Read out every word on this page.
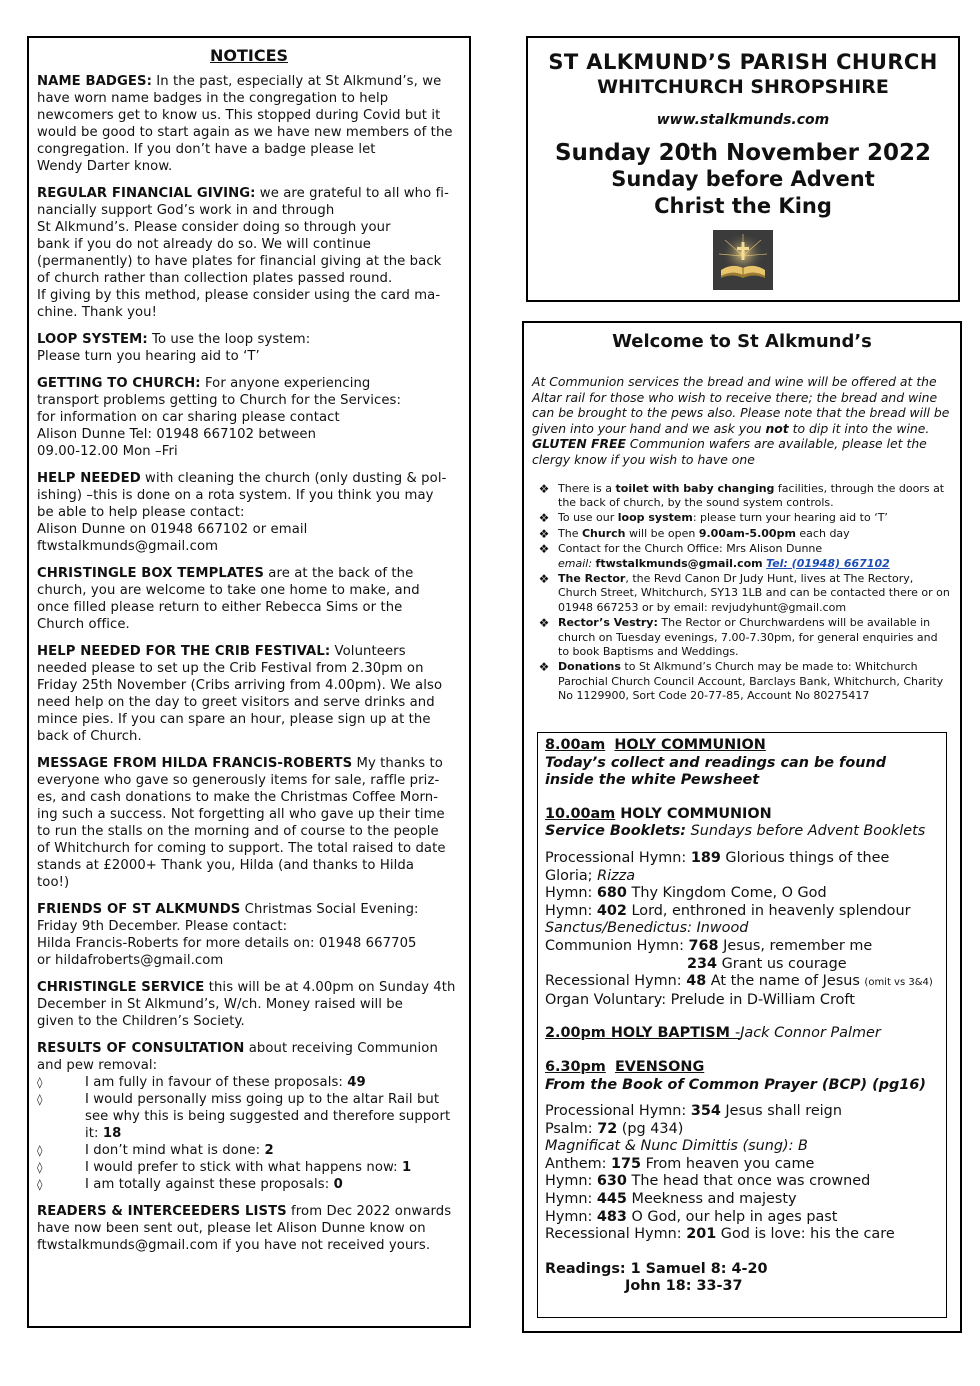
NOTICES
NAME BADGES: In the past, especially at St Alkmund’s, we
have worn name badges in the congregation to help
newcomers get to know us. This stopped during Covid but it
would be good to start again as we have new members of the
congregation. If you don’t have a badge please let
Wendy Darter know.
REGULAR FINANCIAL GIVING: we are grateful to all who fi-
nancially support God’s work in and through
St Alkmund’s. Please consider doing so through your
bank if you do not already do so. We will continue
(permanently) to have plates for financial giving at the back
of church rather than collection plates passed round.
If giving by this method, please consider using the card ma-
chine. Thank you!
LOOP SYSTEM: To use the loop system:
Please turn you hearing aid to ‘T’
GETTING TO CHURCH: For anyone experiencing
transport problems getting to Church for the Services:
for information on car sharing please contact
Alison Dunne Tel: 01948 667102 between
09.00-12.00 Mon –Fri
HELP NEEDED with cleaning the church (only dusting & pol-
ishing) –this is done on a rota system. If you think you may
be able to help please contact:
Alison Dunne on 01948 667102 or email
ftwstalkmunds@gmail.com
CHRISTINGLE BOX TEMPLATES are at the back of the
church, you are welcome to take one home to make, and
once filled please return to either Rebecca Sims or the
Church office.
HELP NEEDED FOR THE CRIB FESTIVAL: Volunteers
needed please to set up the Crib Festival from 2.30pm on
Friday 25th November (Cribs arriving from 4.00pm). We also
need help on the day to greet visitors and serve drinks and
mince pies. If you can spare an hour, please sign up at the
back of Church.
MESSAGE FROM HILDA FRANCIS-ROBERTS My thanks to
everyone who gave so generously items for sale, raffle priz-
es, and cash donations to make the Christmas Coffee Morn-
ing such a success. Not forgetting all who gave up their time
to run the stalls on the morning and of course to the people
of Whitchurch for coming to support. The total raised to date
stands at £2000+ Thank you, Hilda (and thanks to Hilda
too!)
FRIENDS OF ST ALKMUNDS Christmas Social Evening:
Friday 9th December. Please contact:
Hilda Francis-Roberts for more details on: 01948 667705
or hildafroberts@gmail.com
CHRISTINGLE SERVICE this will be at 4.00pm on Sunday 4th
December in St Alkmund’s, W/ch. Money raised will be
given to the Children’s Society.
RESULTS OF CONSULTATION about receiving Communion
and pew removal:
◊	I am fully in favour of these proposals: 49
◊	I would personally miss going up to the altar Rail but see why this is being suggested and therefore support it: 18
◊	I don’t mind what is done: 2
◊	I would prefer to stick with what happens now: 1
◊	I am totally against these proposals: 0
READERS & INTERCEEDERS LISTS from Dec 2022 onwards
have now been sent out, please let Alison Dunne know on
ftwstalkmunds@gmail.com if you have not received yours.
ST ALKMUND’S PARISH CHURCH
WHITCHURCH SHROPSHIRE
www.stalkmunds.com
Sunday 20th November 2022
Sunday before Advent
Christ the King
Welcome to St Alkmund’s
At Communion services the bread and wine will be offered at the Altar rail for those who wish to receive there; the bread and wine can be brought to the pews also. Please note that the bread will be given into your hand and we ask you not to dip it into the wine. GLUTEN FREE Communion wafers are available, please let the clergy know if you wish to have one
❖ There is a toilet with baby changing facilities, through the doors at the back of church, by the sound system controls.
❖ To use our loop system: please turn your hearing aid to ‘T’
❖ The Church will be open 9.00am-5.00pm each day
❖ Contact for the Church Office: Mrs Alison Dunne
email: ftwstalkmunds@gmail.com Tel: (01948) 667102
❖ The Rector, the Revd Canon Dr Judy Hunt, lives at The Rectory, Church Street, Whitchurch, SY13 1LB and can be contacted there or on 01948 667253 or by email: revjudyhunt@gmail.com
❖ Rector’s Vestry: The Rector or Churchwardens will be available in church on Tuesday evenings, 7.00-7.30pm, for general enquiries and to book Baptisms and Weddings.
❖ Donations to St Alkmund’s Church may be made to: Whitchurch Parochial Church Council Account, Barclays Bank, Whitchurch, Charity No 1129900, Sort Code 20-77-85, Account No 80275417
8.00am HOLY COMMUNION
Today’s collect and readings can be found inside the white Pewsheet
10.00am HOLY COMMUNION
Service Booklets: Sundays before Advent Booklets
Processional Hymn: 189 Glorious things of thee
Gloria; Rizza
Hymn: 680 Thy Kingdom Come, O God
Hymn: 402 Lord, enthroned in heavenly splendour
Sanctus/Benedictus: Inwood
Communion Hymn: 768 Jesus, remember me
234 Grant us courage
Recessional Hymn: 48 At the name of Jesus (omit vs 3&4)
Organ Voluntary: Prelude in D-William Croft
2.00pm HOLY BAPTISM -Jack Connor Palmer
6.30pm EVENSONG
From the Book of Common Prayer (BCP) (pg16)
Processional Hymn: 354 Jesus shall reign
Psalm: 72 (pg 434)
Magnificat & Nunc Dimittis (sung): B
Anthem: 175 From heaven you came
Hymn: 630 The head that once was crowned
Hymn: 445 Meekness and majesty
Hymn: 483 O God, our help in ages past
Recessional Hymn: 201 God is love: his the care
Readings: 1 Samuel 8: 4-20
John 18: 33-37
